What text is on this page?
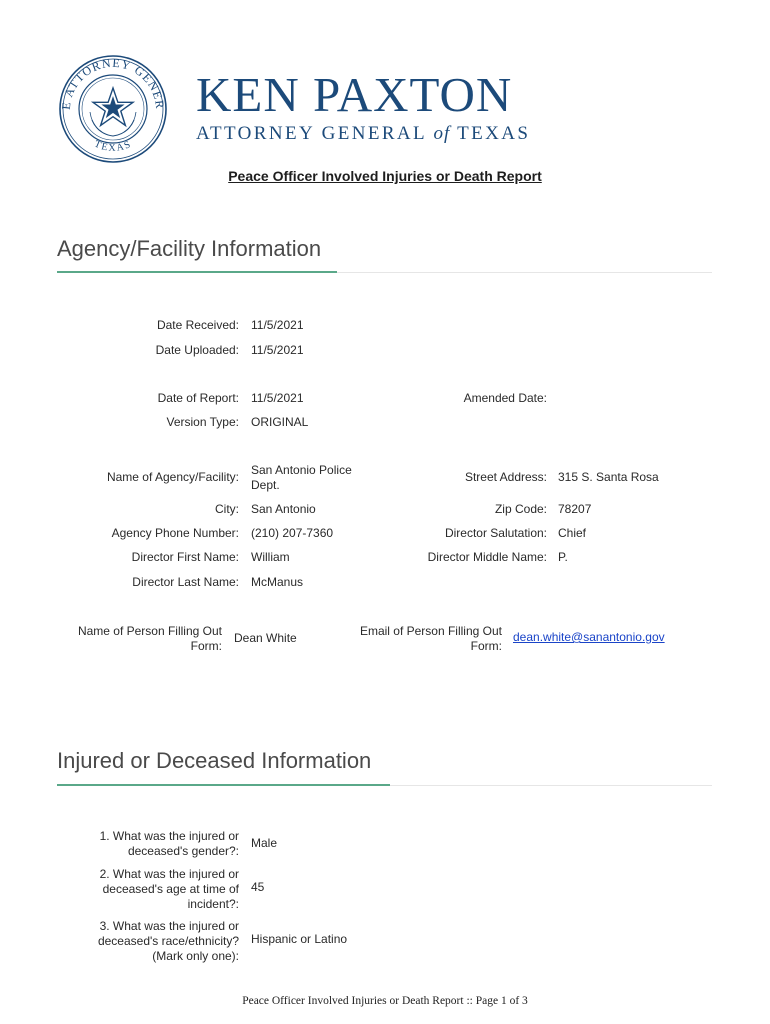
E ATTORNEY GENER
TEXAS
KEN PAXTON
ATTORNEY GENERAL of TEXAS
Peace Officer Involved Injuries or Death Report
Agency/Facility Information
Date Received: 11/5/2021
Date Uploaded: 11/5/2021
Date of Report: 11/5/2021	Amended Date:
Version Type: ORIGINAL
Name of Agency/Facility: San Antonio Police
Dept.
Street Address: 315 S. Santa Rosa
City: San Antonio	Zip Code: 78207
Agency Phone Number: (210) 207-7360	Director Salutation: Chief
Director First Name: William	Director Middle Name: P.
Director Last Name: McManus
Name of Person Filling Out
Form:
Dean White	Email of Person Filling Out
Form:
dean.white@sanantonio.gov
Injured or Deceased Information
1. What was the injured or
deceased's gender?:
Male
2. What was the injured or
deceased's age at time of
incident?:
45
3. What was the injured or
deceased's race/ethnicity?
(Mark only one):
Hispanic or Latino
Peace Officer Involved Injuries or Death Report :: Page 1 of 3
